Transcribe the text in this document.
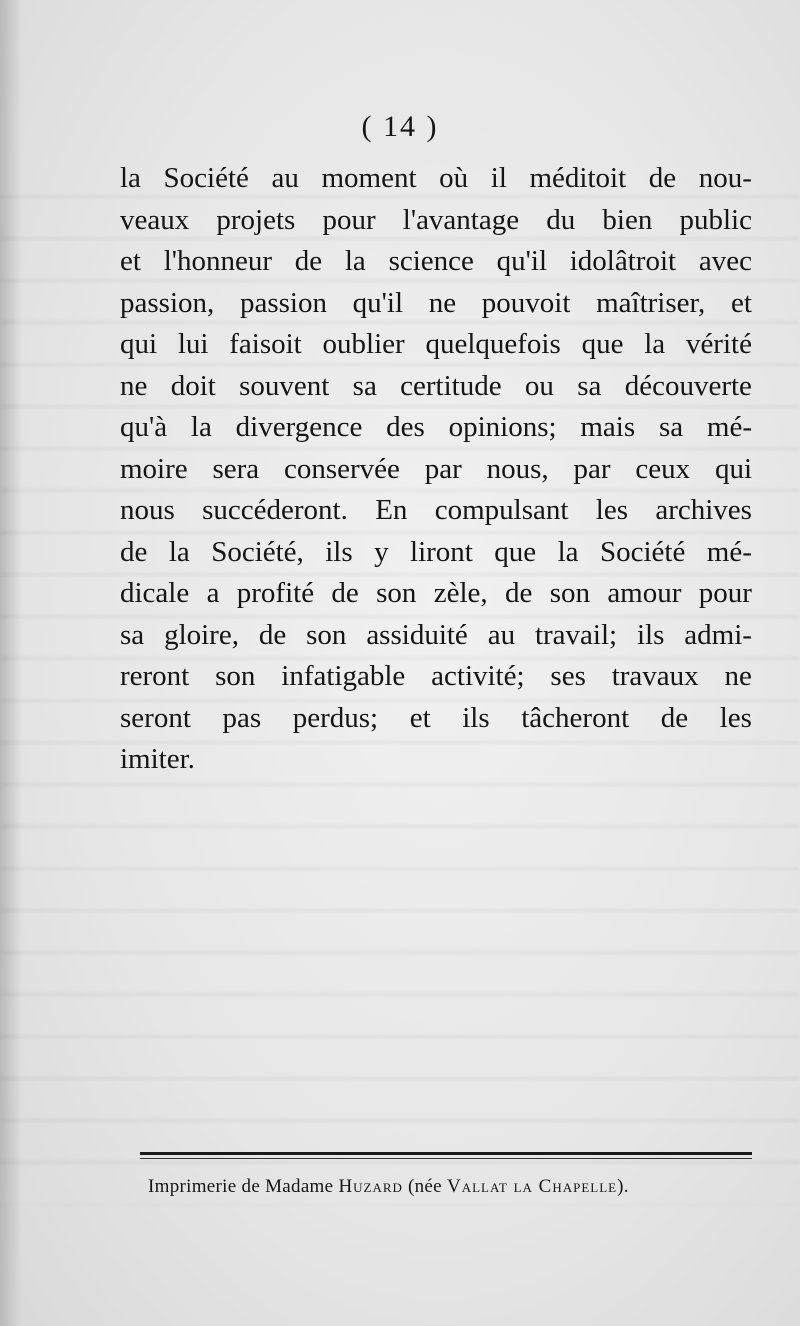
( 14 )
la Société au moment où il méditoit de nou-
veaux projets pour l'avantage du bien public
et l'honneur de la science qu'il idolâtroit avec
passion, passion qu'il ne pouvoit maîtriser, et
qui lui faisoit oublier quelquefois que la vérité
ne doit souvent sa certitude ou sa découverte
qu'à la divergence des opinions; mais sa mé-
moire sera conservée par nous, par ceux qui
nous succéderont. En compulsant les archives
de la Société, ils y liront que la Société mé-
dicale a profité de son zèle, de son amour pour
sa gloire, de son assiduité au travail; ils admi-
reront son infatigable activité; ses travaux ne
seront pas perdus; et ils tâcheront de les
imiter.
Imprimerie de Madame Huzard (née Vallat la Chapelle).
